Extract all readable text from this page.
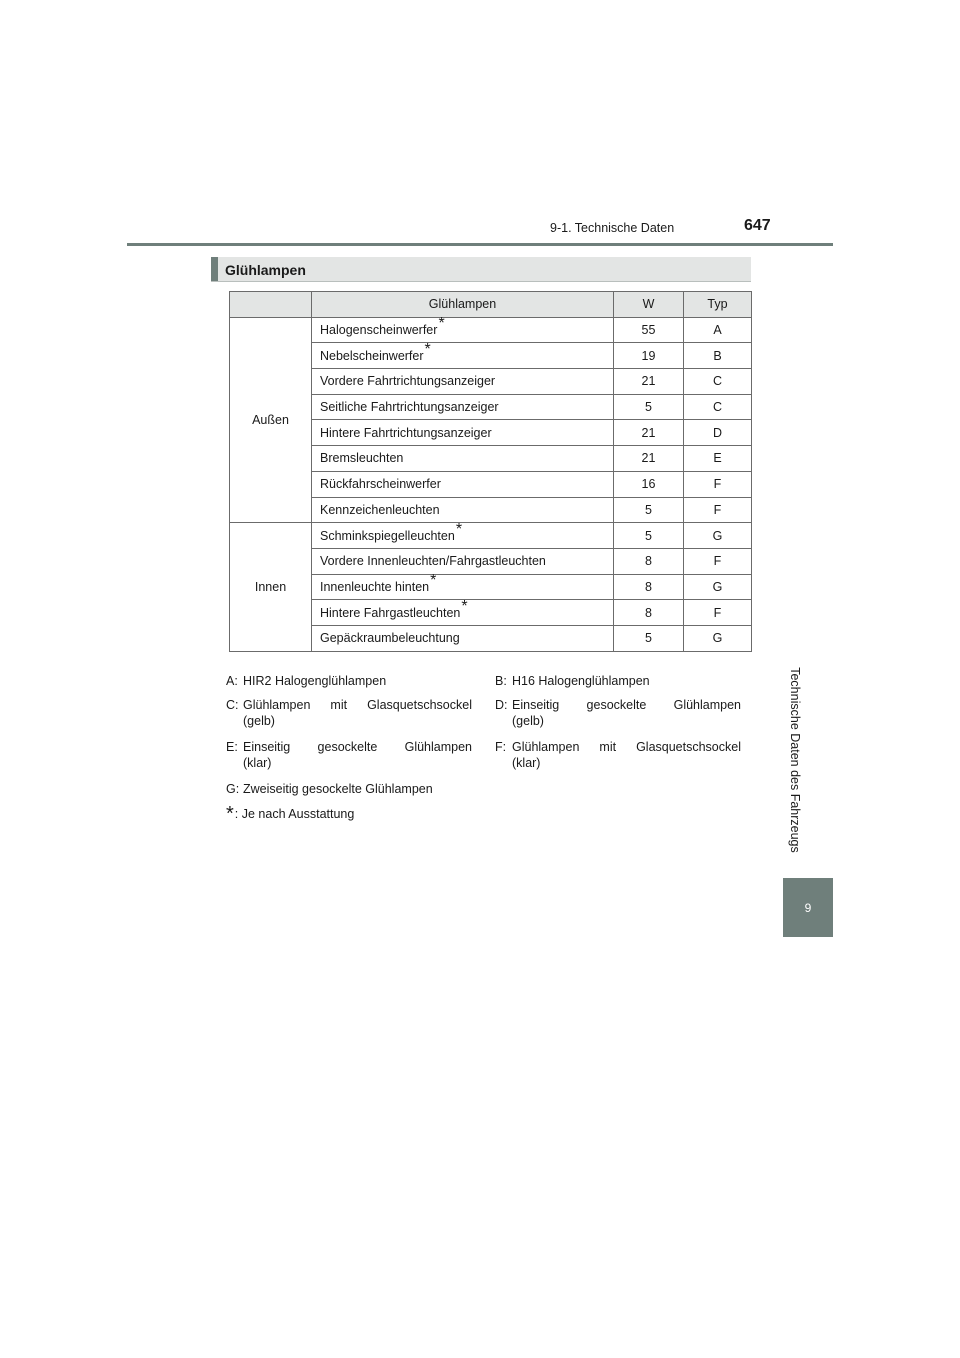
9-1. Technische Daten	647
Technische Daten des Fahrzeugs
9
Glühlampen
	Glühlampen	W	Typ
Außen	Halogenscheinwerfer*	55	A
	Nebelscheinwerfer*	19	B
	Vordere Fahrtrichtungsanzeiger	21	C
	Seitliche Fahrtrichtungsanzeiger	5	C
	Hintere Fahrtrichtungsanzeiger	21	D
	Bremsleuchten	21	E
	Rückfahrscheinwerfer	16	F
	Kennzeichenleuchten	5	F
Innen	Schminkspiegelleuchten*	5	G
	Vordere Innenleuchten/Fahrgastleuchten	8	F
	Innenleuchte hinten*	8	G
	Hintere Fahrgastleuchten*	8	F
	Gepäckraumbeleuchtung	5	G
A: HIR2 Halogenglühlampen	B: H16 Halogenglühlampen
C: Glühlampen mit Glasquetschsockel
(gelb)
D: Einseitig gesockelte Glühlampen
(gelb)
E: Einseitig gesockelte Glühlampen
(klar)
F: Glühlampen mit Glasquetschsockel
(klar)
G: Zweiseitig gesockelte Glühlampen
*: Je nach Ausstattung
